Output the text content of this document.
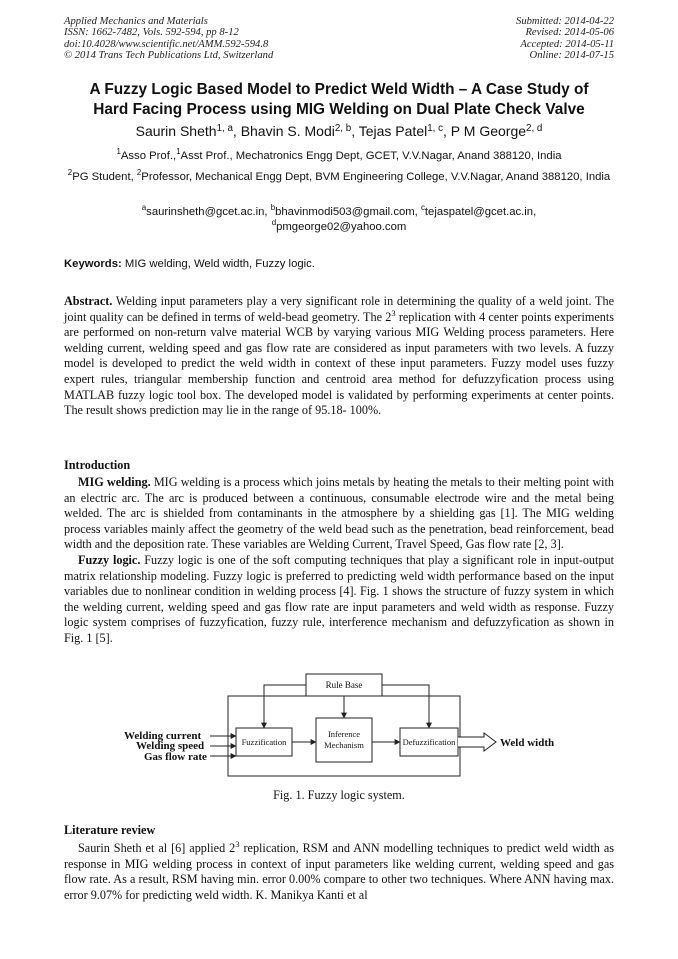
Applied Mechanics and Materials
ISSN: 1662-7482, Vols. 592-594, pp 8-12
doi:10.4028/www.scientific.net/AMM.592-594.8
© 2014 Trans Tech Publications Ltd, Switzerland
Submitted: 2014-04-22
Revised: 2014-05-06
Accepted: 2014-05-11
Online: 2014-07-15
A Fuzzy Logic Based Model to Predict Weld Width – A Case Study of
Hard Facing Process using MIG Welding on Dual Plate Check Valve
Saurin Sheth$^{1, a}$, Bhavin S. Modi$^{2, b}$, Tejas Patel$^{1, c}$, P M George$^{2, d}$
$^1$Asso Prof.,$^1$Asst Prof., Mechatronics Engg Dept, GCET, V.V.Nagar, Anand 388120, India
$^2$PG Student, $^2$Professor, Mechanical Engg Dept, BVM Engineering College, V.V.Nagar, Anand 388120, India
$^a$saurinsheth@gcet.ac.in, $^b$bhavinmodi503@gmail.com, $^c$tejaspatel@gcet.ac.in,
$^d$pmgeorge02@yahoo.com
Keywords: MIG welding, Weld width, Fuzzy logic.
Abstract. Welding input parameters play a very significant role in determining the quality of a weld joint. The joint quality can be defined in terms of weld-bead geometry. The $2^3$ replication with 4 center points experiments are performed on non-return valve material WCB by varying various MIG Welding process parameters. Here welding current, welding speed and gas flow rate are considered as input parameters with two levels. A fuzzy model is developed to predict the weld width in context of these input parameters. Fuzzy model uses fuzzy expert rules, triangular membership function and centroid area method for defuzzyfication process using MATLAB fuzzy logic tool box. The developed model is validated by performing experiments at center points. The result shows prediction may lie in the range of 95.18- 100%.
Introduction

MIG welding. MIG welding is a process which joins metals by heating the metals to their melting point with an electric arc. The arc is produced between a continuous, consumable electrode wire and the metal being welded. The arc is shielded from contaminants in the atmosphere by a shielding gas [1]. The MIG welding process variables mainly affect the geometry of the weld bead such as the penetration, bead reinforcement, bead width and the deposition rate. These variables are Welding Current, Travel Speed, Gas flow rate [2, 3].

Fuzzy logic. Fuzzy logic is one of the soft computing techniques that play a significant role in input-output matrix relationship modeling. Fuzzy logic is preferred to predicting weld width performance based on the input variables due to nonlinear condition in welding process [4]. Fig. 1 shows the structure of fuzzy system in which the welding current, welding speed and gas flow rate are input parameters and weld width as response. Fuzzy logic system comprises of fuzzyfication, fuzzy rule, interference mechanism and defuzzyfication as shown in Fig. 1 [5].

Welding current
Welding speed
Gas flow rate
Rule Base
Fuzzification
Inference
Mechanism	Defuzzification	Weld width
Fig. 1. Fuzzy logic system.
Literature review

Saurin Sheth et al [6] applied $2^3$ replication, RSM and ANN modelling techniques to predict weld width as response in MIG welding process in context of input parameters like welding current, welding speed and gas flow rate. As a result, RSM having min. error 0.00% compare to other two techniques. Where ANN having max. error 9.07% for predicting weld width. K. Manikya Kanti et al
